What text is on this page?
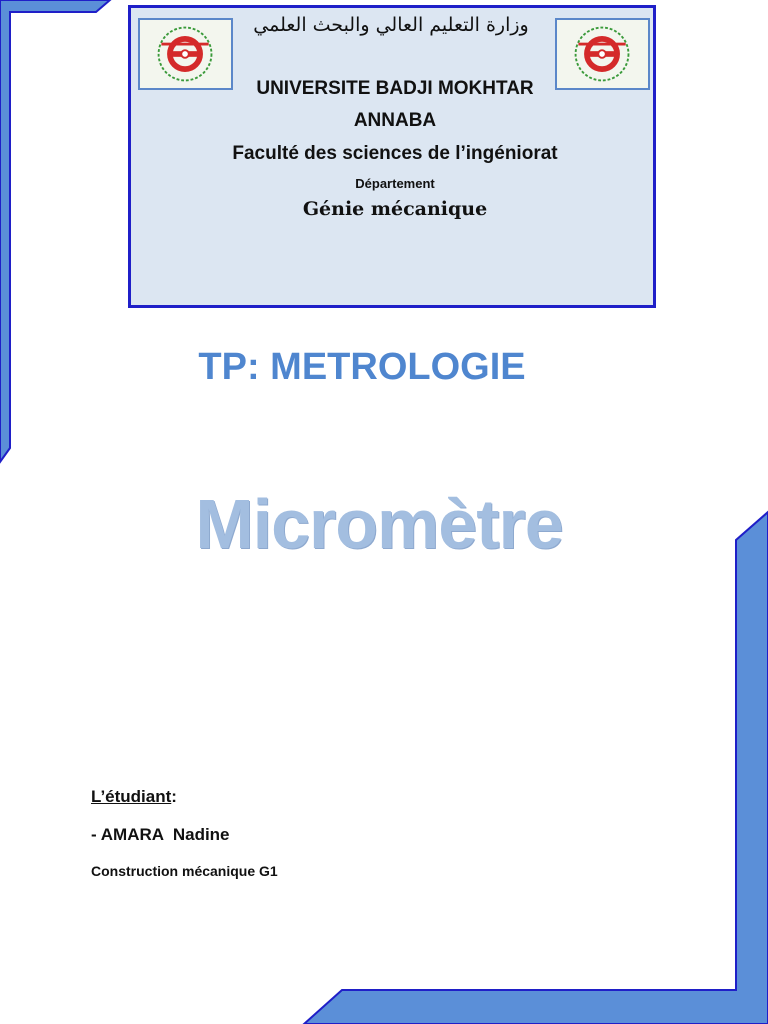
وزارة التعليم العالي والبحث العلمي
UNIVERSITE BADJI MOKHTAR
ANNABA
Faculté des sciences de l’ingéniorat
Département
Génie mécanique
TP: METROLOGIE
Micromètre
L’étudiant:
- AMARA  Nadine
Construction mécanique G1
